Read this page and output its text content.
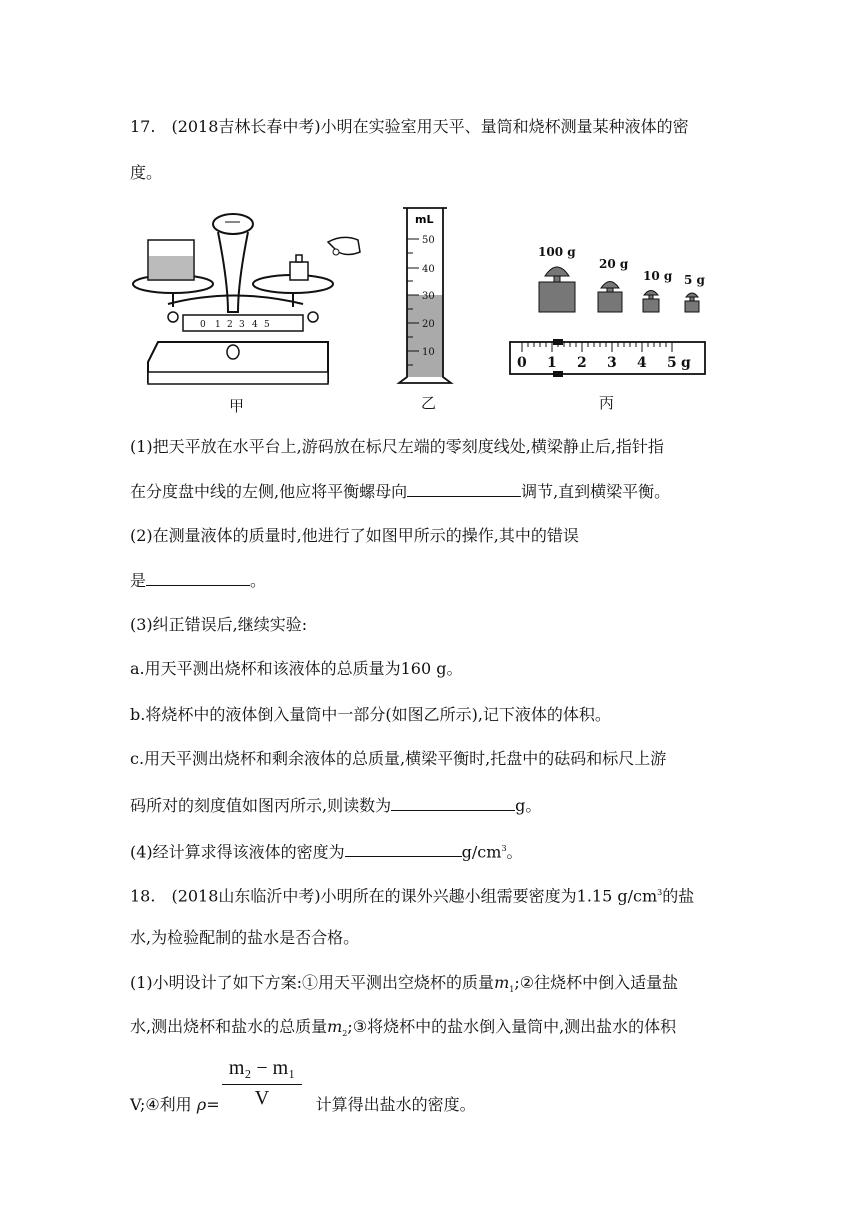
17.　(2018吉林长春中考)小明在实验室用天平、量筒和烧杯测量某种液体的密
度。
0 1 2 3 4 5
甲
mL
50
40
30
20
10
乙
100 g
20 g
10 g 5 g
0 1 2 3 4 5 g
丙
(1)把天平放在水平台上,游码放在标尺左端的零刻度线处,横梁静止后,指针指
在分度盘中线的左侧,他应将平衡螺母向	调节,直到横梁平衡。
(2)在测量液体的质量时,他进行了如图甲所示的操作,其中的错误
是	。
(3)纠正错误后,继续实验:
a.用天平测出烧杯和该液体的总质量为160 g。
b.将烧杯中的液体倒入量筒中一部分(如图乙所示),记下液体的体积。
c.用天平测出烧杯和剩余液体的总质量,横梁平衡时,托盘中的砝码和标尺上游
码所对的刻度值如图丙所示,则读数为	g。
(4)经计算求得该液体的密度为	$g/cm^3$。
18.　(2018山东临沂中考)小明所在的课外兴趣小组需要密度为1.15 $g/cm^3$的盐
水,为检验配制的盐水是否合格。
(1)小明设计了如下方案:①用天平测出空烧杯的质量$m_1;②$往烧杯中倒入适量盐
水,测出烧杯和盐水的总质量$m_2;③$将烧杯中的盐水倒入量筒中,测出盐水的体积
V;④利用 ρ=	计算得出盐水的密度。
m₂ − m₁
V
